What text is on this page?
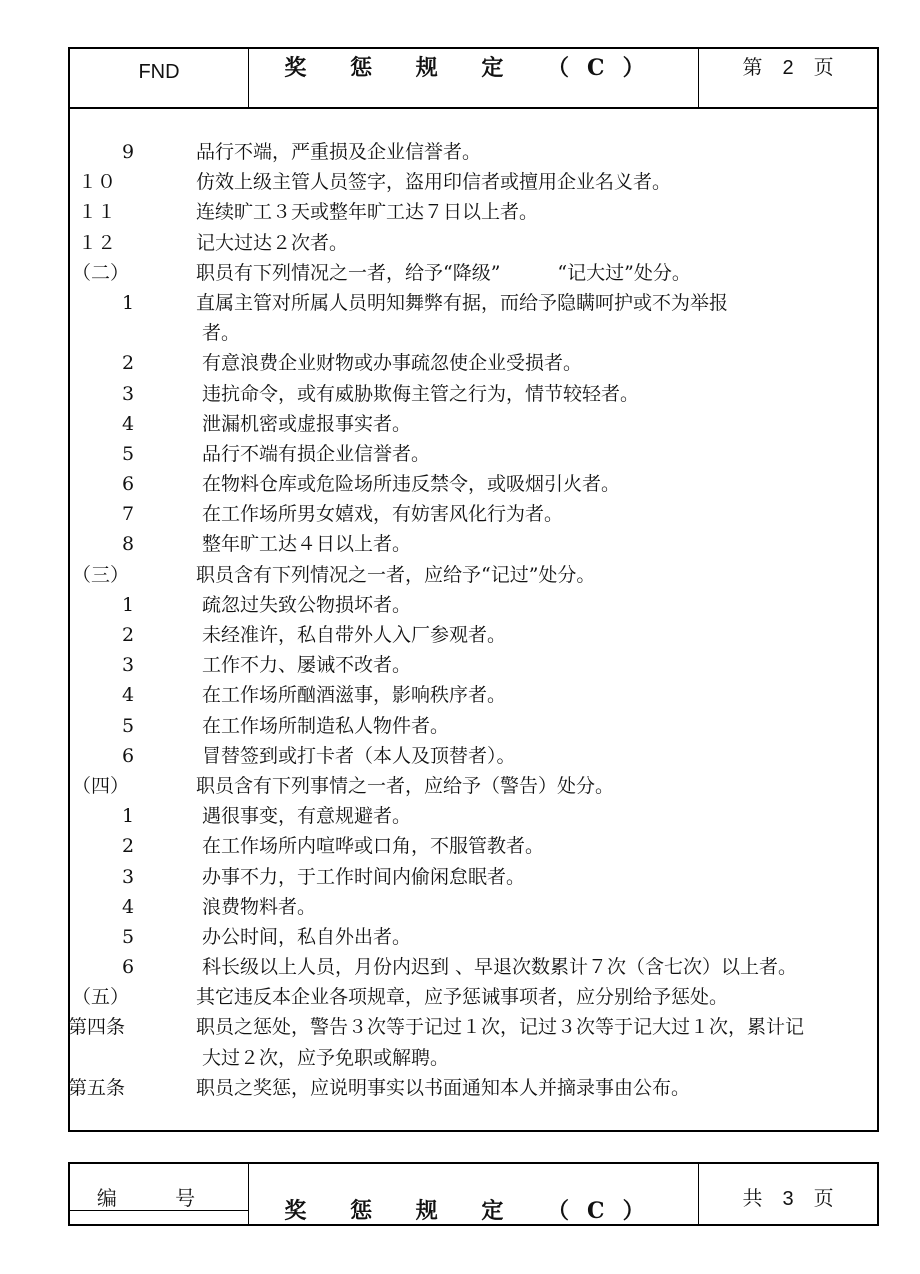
FND	奖 惩 规 定 （C）	第 2 页
9	品行不端，严重损及企业信誉者。
１０	仿效上级主管人员签字，盗用印信者或擅用企业名义者。
１１	连续旷工３天或整年旷工达７日以上者。
１２	记大过达２次者。
（二）	职员有下列情况之一者，给予“降级”　　　“记大过”处分。
1	直属主管对所属人员明知舞弊有据，而给予隐瞒呵护或不为举报
者。
2	有意浪费企业财物或办事疏忽使企业受损者。
3	违抗命令，或有威胁欺侮主管之行为，情节较轻者。
4	泄漏机密或虚报事实者。
5	品行不端有损企业信誉者。
6	在物料仓库或危险场所违反禁令，或吸烟引火者。
7	在工作场所男女嬉戏，有妨害风化行为者。
8	整年旷工达４日以上者。
（三）	职员含有下列情况之一者，应给予“记过”处分。
1	疏忽过失致公物损坏者。
2	未经准许，私自带外人入厂参观者。
3	工作不力、屡诫不改者。
4	在工作场所酗酒滋事，影响秩序者。
5	在工作场所制造私人物件者。
6	冒替签到或打卡者（本人及顶替者）。
（四）	职员含有下列事情之一者，应给予（警告）处分。
1	遇很事变，有意规避者。
2	在工作场所内喧哗或口角，不服管教者。
3	办事不力，于工作时间内偷闲怠眠者。
4	浪费物料者。
5	办公时间，私自外出者。
6	科长级以上人员，月份内迟到 、早退次数累计７次（含七次）以上者。
（五）	其它违反本企业各项规章，应予惩诫事项者，应分别给予惩处。
第四条	职员之惩处，警告３次等于记过１次，记过３次等于记大过１次，累计记
大过２次，应予免职或解聘。
第五条	职员之奖惩，应说明事实以书面通知本人并摘录事由公布。
编 号	奖 惩 规 定 （C）	共 3 页
